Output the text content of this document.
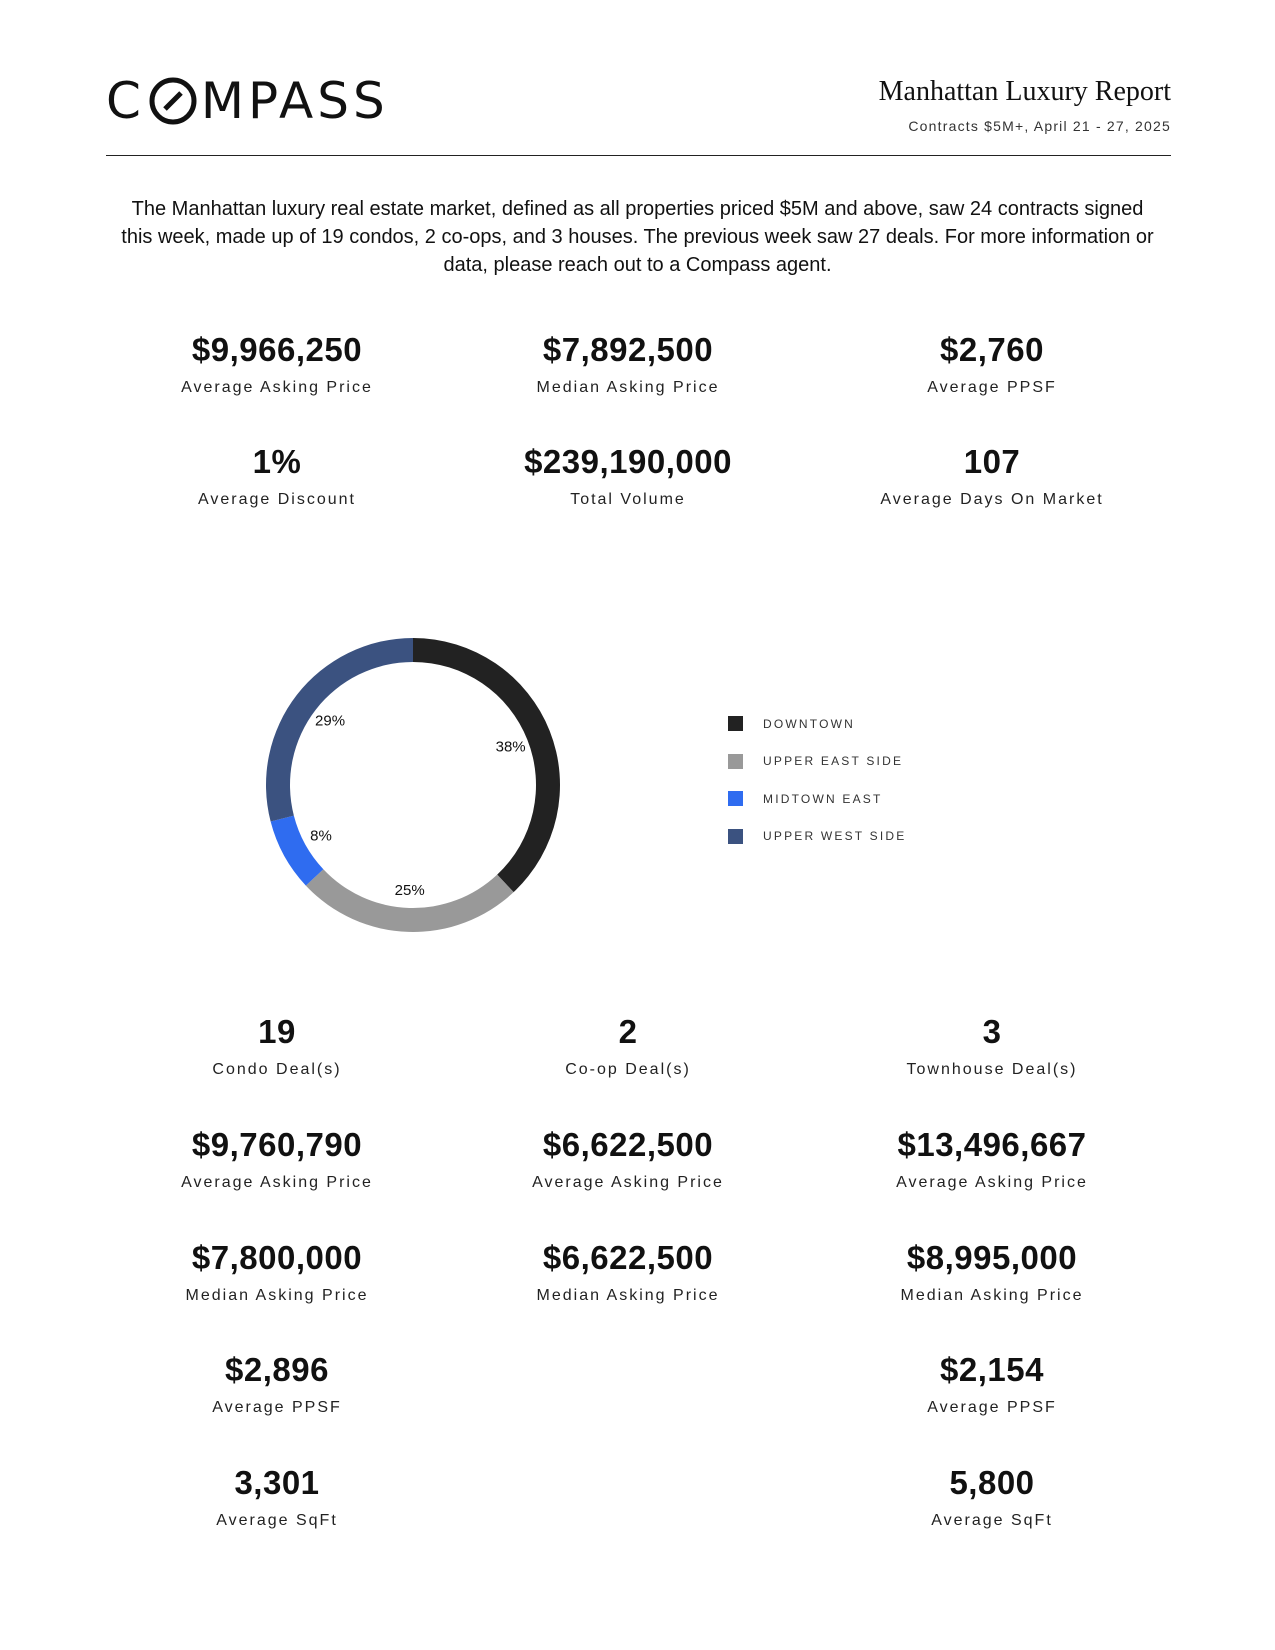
C MPASS	Manhattan Luxury Report
Contracts $5M+, April 21 - 27, 2025

The Manhattan luxury real estate market, defined as all properties priced $5M and above, saw 24 contracts signed this week, made up of 19 condos, 2 co-ops, and 3 houses. The previous week saw 27 deals. For more information or data, please reach out to a Compass agent.

$9,966,250
Average Asking Price
$7,892,500
Median Asking Price
$2,760
Average PPSF
1%
Average Discount
$239,190,000
Total Volume
107
Average Days On Market
38%
25%
8%
29%	DOWNTOWN
UPPER EAST SIDE
MIDTOWN EAST
UPPER WEST SIDE
19
Condo Deal(s)
$9,760,790
Average Asking Price
$7,800,000
Median Asking Price
$2,896
Average PPSF
3,301
Average SqFt
2
Co-op Deal(s)
$6,622,500
Average Asking Price
$6,622,500
Median Asking Price
3
Townhouse Deal(s)
$13,496,667
Average Asking Price
$8,995,000
Median Asking Price
$2,154
Average PPSF
5,800
Average SqFt
